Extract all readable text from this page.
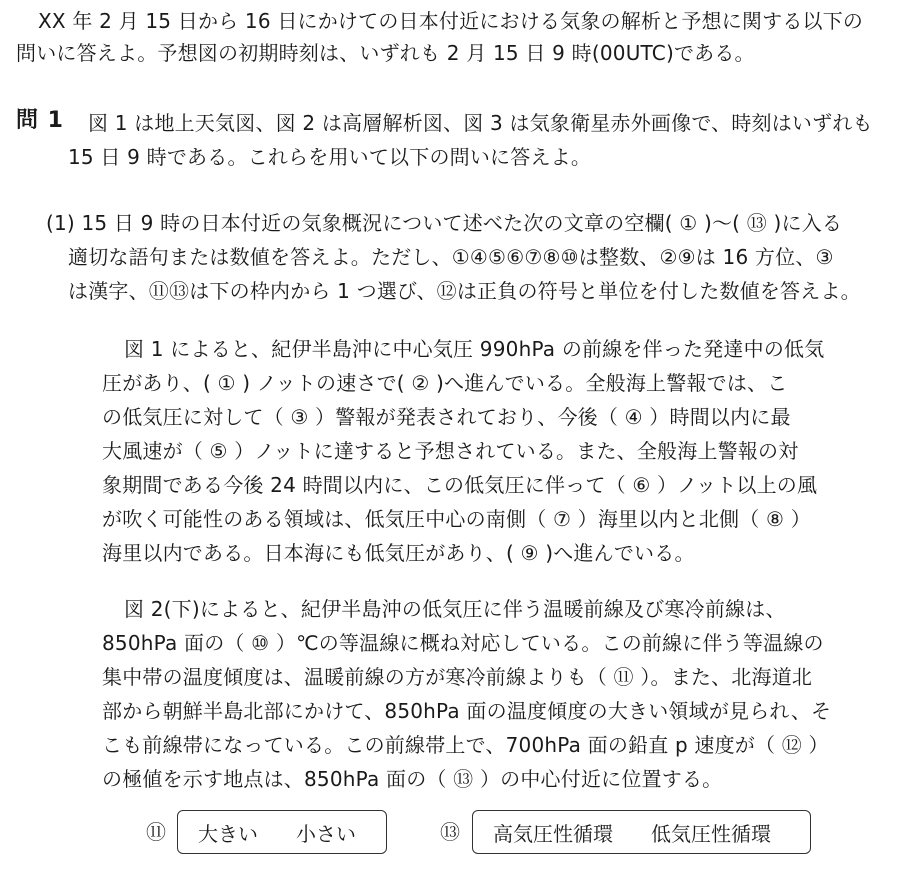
XX 年 2 月 15 日から 16 日にかけての日本付近における気象の解析と予想に関する以下の
問いに答えよ。予想図の初期時刻は、いずれも 2 月 15 日 9 時(00UTC)である。
問 1 図 1 は地上天気図、図 2 は高層解析図、図 3 は気象衛星赤外画像で、時刻はいずれも
15 日 9 時である。これらを用いて以下の問いに答えよ。
(1) 15 日 9 時の日本付近の気象概況について述べた次の文章の空欄( ① )〜( ⑬ )に入る
適切な語句または数値を答えよ。ただし、①④⑤⑥⑦⑧⑩は整数、②⑨は 16 方位、③
は漢字、⑪⑬は下の枠内から 1 つ選び、⑫は正負の符号と単位を付した数値を答えよ。
図 1 によると、紀伊半島沖に中心気圧 990hPa の前線を伴った発達中の低気
圧があり、( ① ) ノットの速さで( ② )へ進んでいる。全般海上警報では、こ
の低気圧に対して（ ③ ）警報が発表されており、今後（ ④ ）時間以内に最
大風速が（ ⑤ ）ノットに達すると予想されている。また、全般海上警報の対
象期間である今後 24 時間以内に、この低気圧に伴って（ ⑥ ）ノット以上の風
が吹く可能性のある領域は、低気圧中心の南側（ ⑦ ）海里以内と北側（ ⑧ ）
海里以内である。日本海にも低気圧があり、( ⑨ )へ進んでいる。
図 2(下)によると、紀伊半島沖の低気圧に伴う温暖前線及び寒冷前線は、
850hPa 面の（ ⑩ ）℃の等温線に概ね対応している。この前線に伴う等温線の
集中帯の温度傾度は、温暖前線の方が寒冷前線よりも（ ⑪ ）。また、北海道北
部から朝鮮半島北部にかけて、850hPa 面の温度傾度の大きい領域が見られ、そ
こも前線帯になっている。この前線帯上で、700hPa 面の鉛直 p 速度が（ ⑫ ）
の極値を示す地点は、850hPa 面の（ ⑬ ）の中心付近に位置する。
⑪ 大きい 小さい	⑬ 高気圧性循環 低気圧性循環
